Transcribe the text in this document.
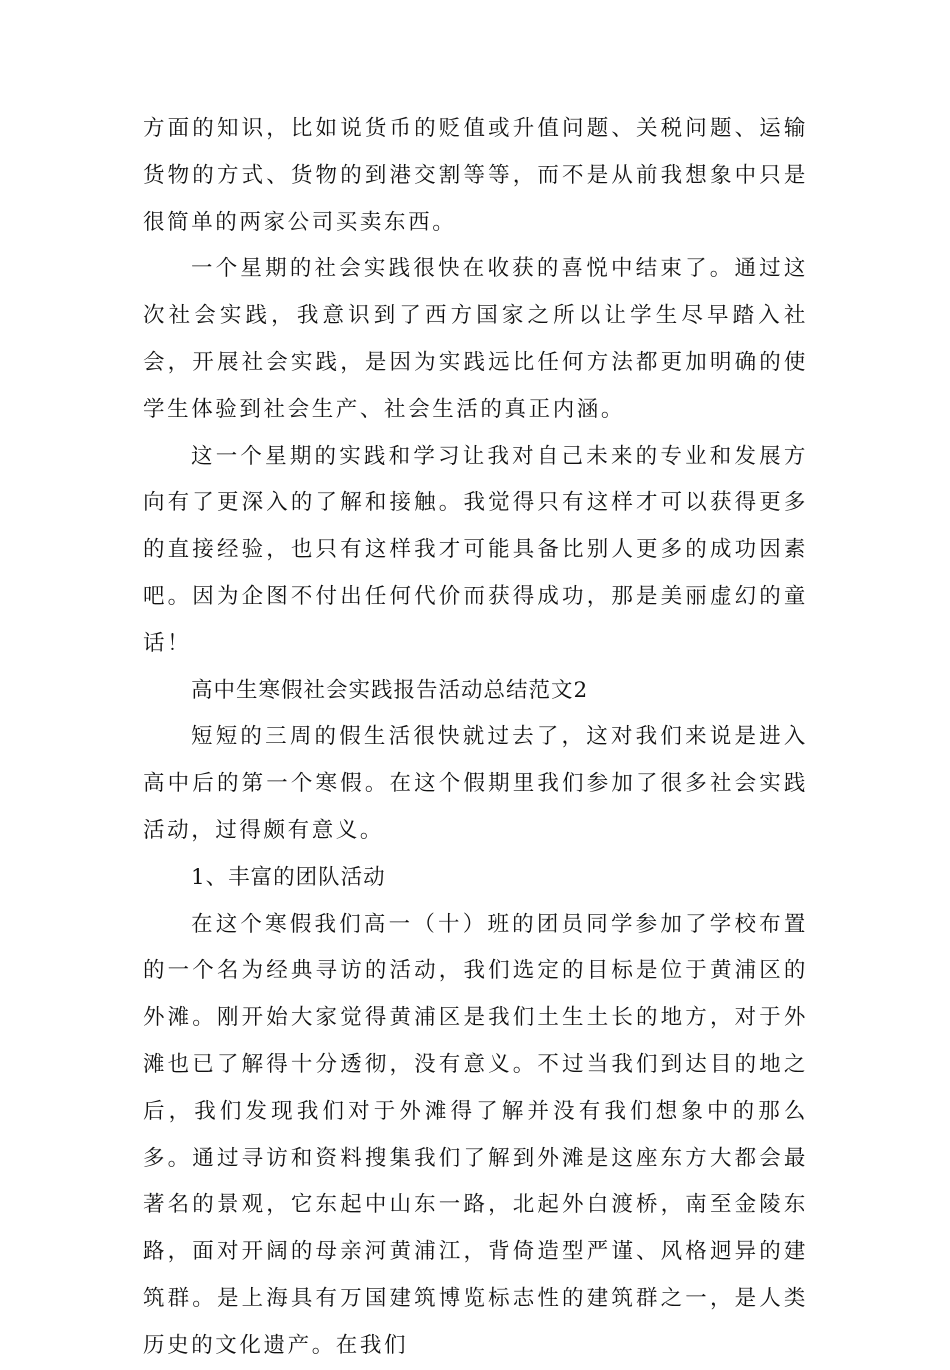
方面的知识，比如说货币的贬值或升值问题、关税问题、运输货物的方式、货物的到港交割等等，而不是从前我想象中只是很简单的两家公司买卖东西。

一个星期的社会实践很快在收获的喜悦中结束了。通过这次社会实践，我意识到了西方国家之所以让学生尽早踏入社会，开展社会实践，是因为实践远比任何方法都更加明确的使学生体验到社会生产、社会生活的真正内涵。

这一个星期的实践和学习让我对自己未来的专业和发展方向有了更深入的了解和接触。我觉得只有这样才可以获得更多的直接经验，也只有这样我才可能具备比别人更多的成功因素吧。因为企图不付出任何代价而获得成功，那是美丽虚幻的童话！

高中生寒假社会实践报告活动总结范文2

短短的三周的假生活很快就过去了，这对我们来说是进入高中后的第一个寒假。在这个假期里我们参加了很多社会实践活动，过得颇有意义。

1、丰富的团队活动

在这个寒假我们高一（十）班的团员同学参加了学校布置的一个名为经典寻访的活动，我们选定的目标是位于黄浦区的外滩。刚开始大家觉得黄浦区是我们土生土长的地方，对于外滩也已了解得十分透彻，没有意义。不过当我们到达目的地之后，我们发现我们对于外滩得了解并没有我们想象中的那么多。通过寻访和资料搜集我们了解到外滩是这座东方大都会最著名的景观，它东起中山东一路，北起外白渡桥，南至金陵东路，面对开阔的母亲河黄浦江，背倚造型严谨、风格迥异的建筑群。是上海具有万国建筑博览标志性的建筑群之一，是人类历史的文化遗产。在我们
